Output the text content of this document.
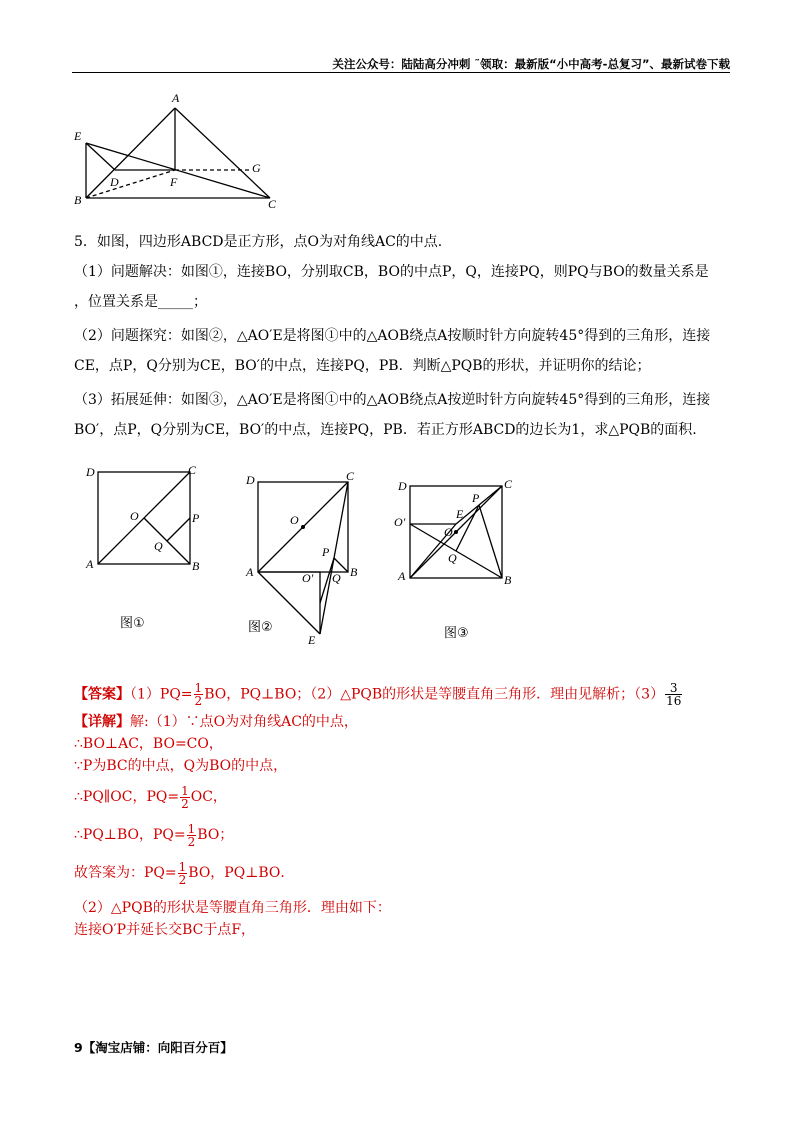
关注公众号：陆陆高分冲刺 ˜领取：最新版“小中高考-总复习”、最新试卷下载
A
E
G
D	F
B	C
5．如图，四边形ABCD是正方形，点O为对角线AC的中点.
（1）问题解决：如图①，连接BO，分别取CB，BO的中点P，Q，连接PQ，则PQ与BO的数量关系是
，位置关系是_____；
（2）问题探究：如图②，△AO′E是将图①中的△AOB绕点A按顺时针方向旋转45°得到的三角形，连接
CE，点P，Q分别为CE，BO′的中点，连接PQ，PB．判断△PQB的形状，并证明你的结论；
（3）拓展延伸：如图③，△AO′E是将图①中的△AOB绕点A按逆时针方向旋转45°得到的三角形，连接
BO′，点P，Q分别为CE，BO′的中点，连接PQ，PB．若正方形ABCD的边长为1，求△PQB的面积.
D	C
O	P
Q
A	B
D	C
O
P
A	O′ Q B
E
D	C
P
O′
E
O
Q
A	B
图①	图②	图③
【答案】$(1)PQ= \frac{1}{2}$ BO，PQ⊥BO；（2）△PQB的形状是等腰直角三角形．理由见解析；$(3) \frac{3}{16}$
【详解】解:（1）∵点O为对角线AC的中点，
∴BO⊥AC，BO=CO，
∵P为BC的中点，Q为BO的中点，
∴PQ∥OC，$PQ= \frac{1}{2}$ OC，
∴PQ⊥BO，$PQ= \frac{1}{2}$ BO；
故答案为：$PQ= \frac{1}{2}$ BO，PQ⊥BO．
（2）△PQB的形状是等腰直角三角形．理由如下：
连接O′P并延长交BC于点F，
9【淘宝店铺：向阳百分百】
